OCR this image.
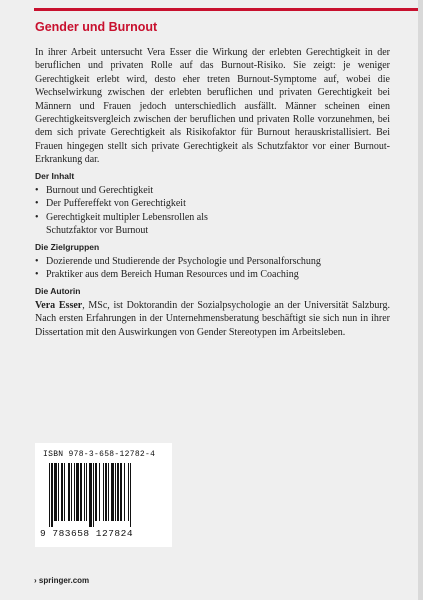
Gender und Burnout

In ihrer Arbeit untersucht Vera Esser die Wirkung der erlebten Gerechtigkeit in der beruflichen und privaten Rolle auf das Burnout-Risiko. Sie zeigt: je weniger Gerechtigkeit erlebt wird, desto eher treten Burnout-Symptome auf, wobei die Wechselwirkung zwischen der erlebten beruflichen und privaten Gerechtigkeit bei Männern und Frauen jedoch unterschiedlich ausfällt. Männer scheinen einen Gerechtigkeitsvergleich zwischen der beruflichen und privaten Rolle vorzunehmen, bei dem sich private Gerechtigkeit als Risikofaktor für Burnout herauskristallisiert. Bei Frauen hingegen stellt sich private Gerechtigkeit als Schutzfaktor vor einer Burnout-Erkrankung dar.

Der Inhalt
• Burnout und Gerechtigkeit
• Der Puffereffekt von Gerechtigkeit
• Gerechtigkeit multipler Lebensrollen als Schutzfaktor vor Burnout
Die Zielgruppen
• Dozierende und Studierende der Psychologie und Personalforschung
• Praktiker aus dem Bereich Human Resources und im Coaching
Die Autorin

Vera Esser, MSc, ist Doktorandin der Sozialpsychologie an der Universität Salzburg. Nach ersten Erfahrungen in der Unternehmensberatung beschäftigt sie sich nun in ihrer Dissertation mit den Auswirkungen von Gender Stereotypen im Arbeitsleben.

ISBN 978-3-658-12782-4
9 783658 127824
› springer.com
